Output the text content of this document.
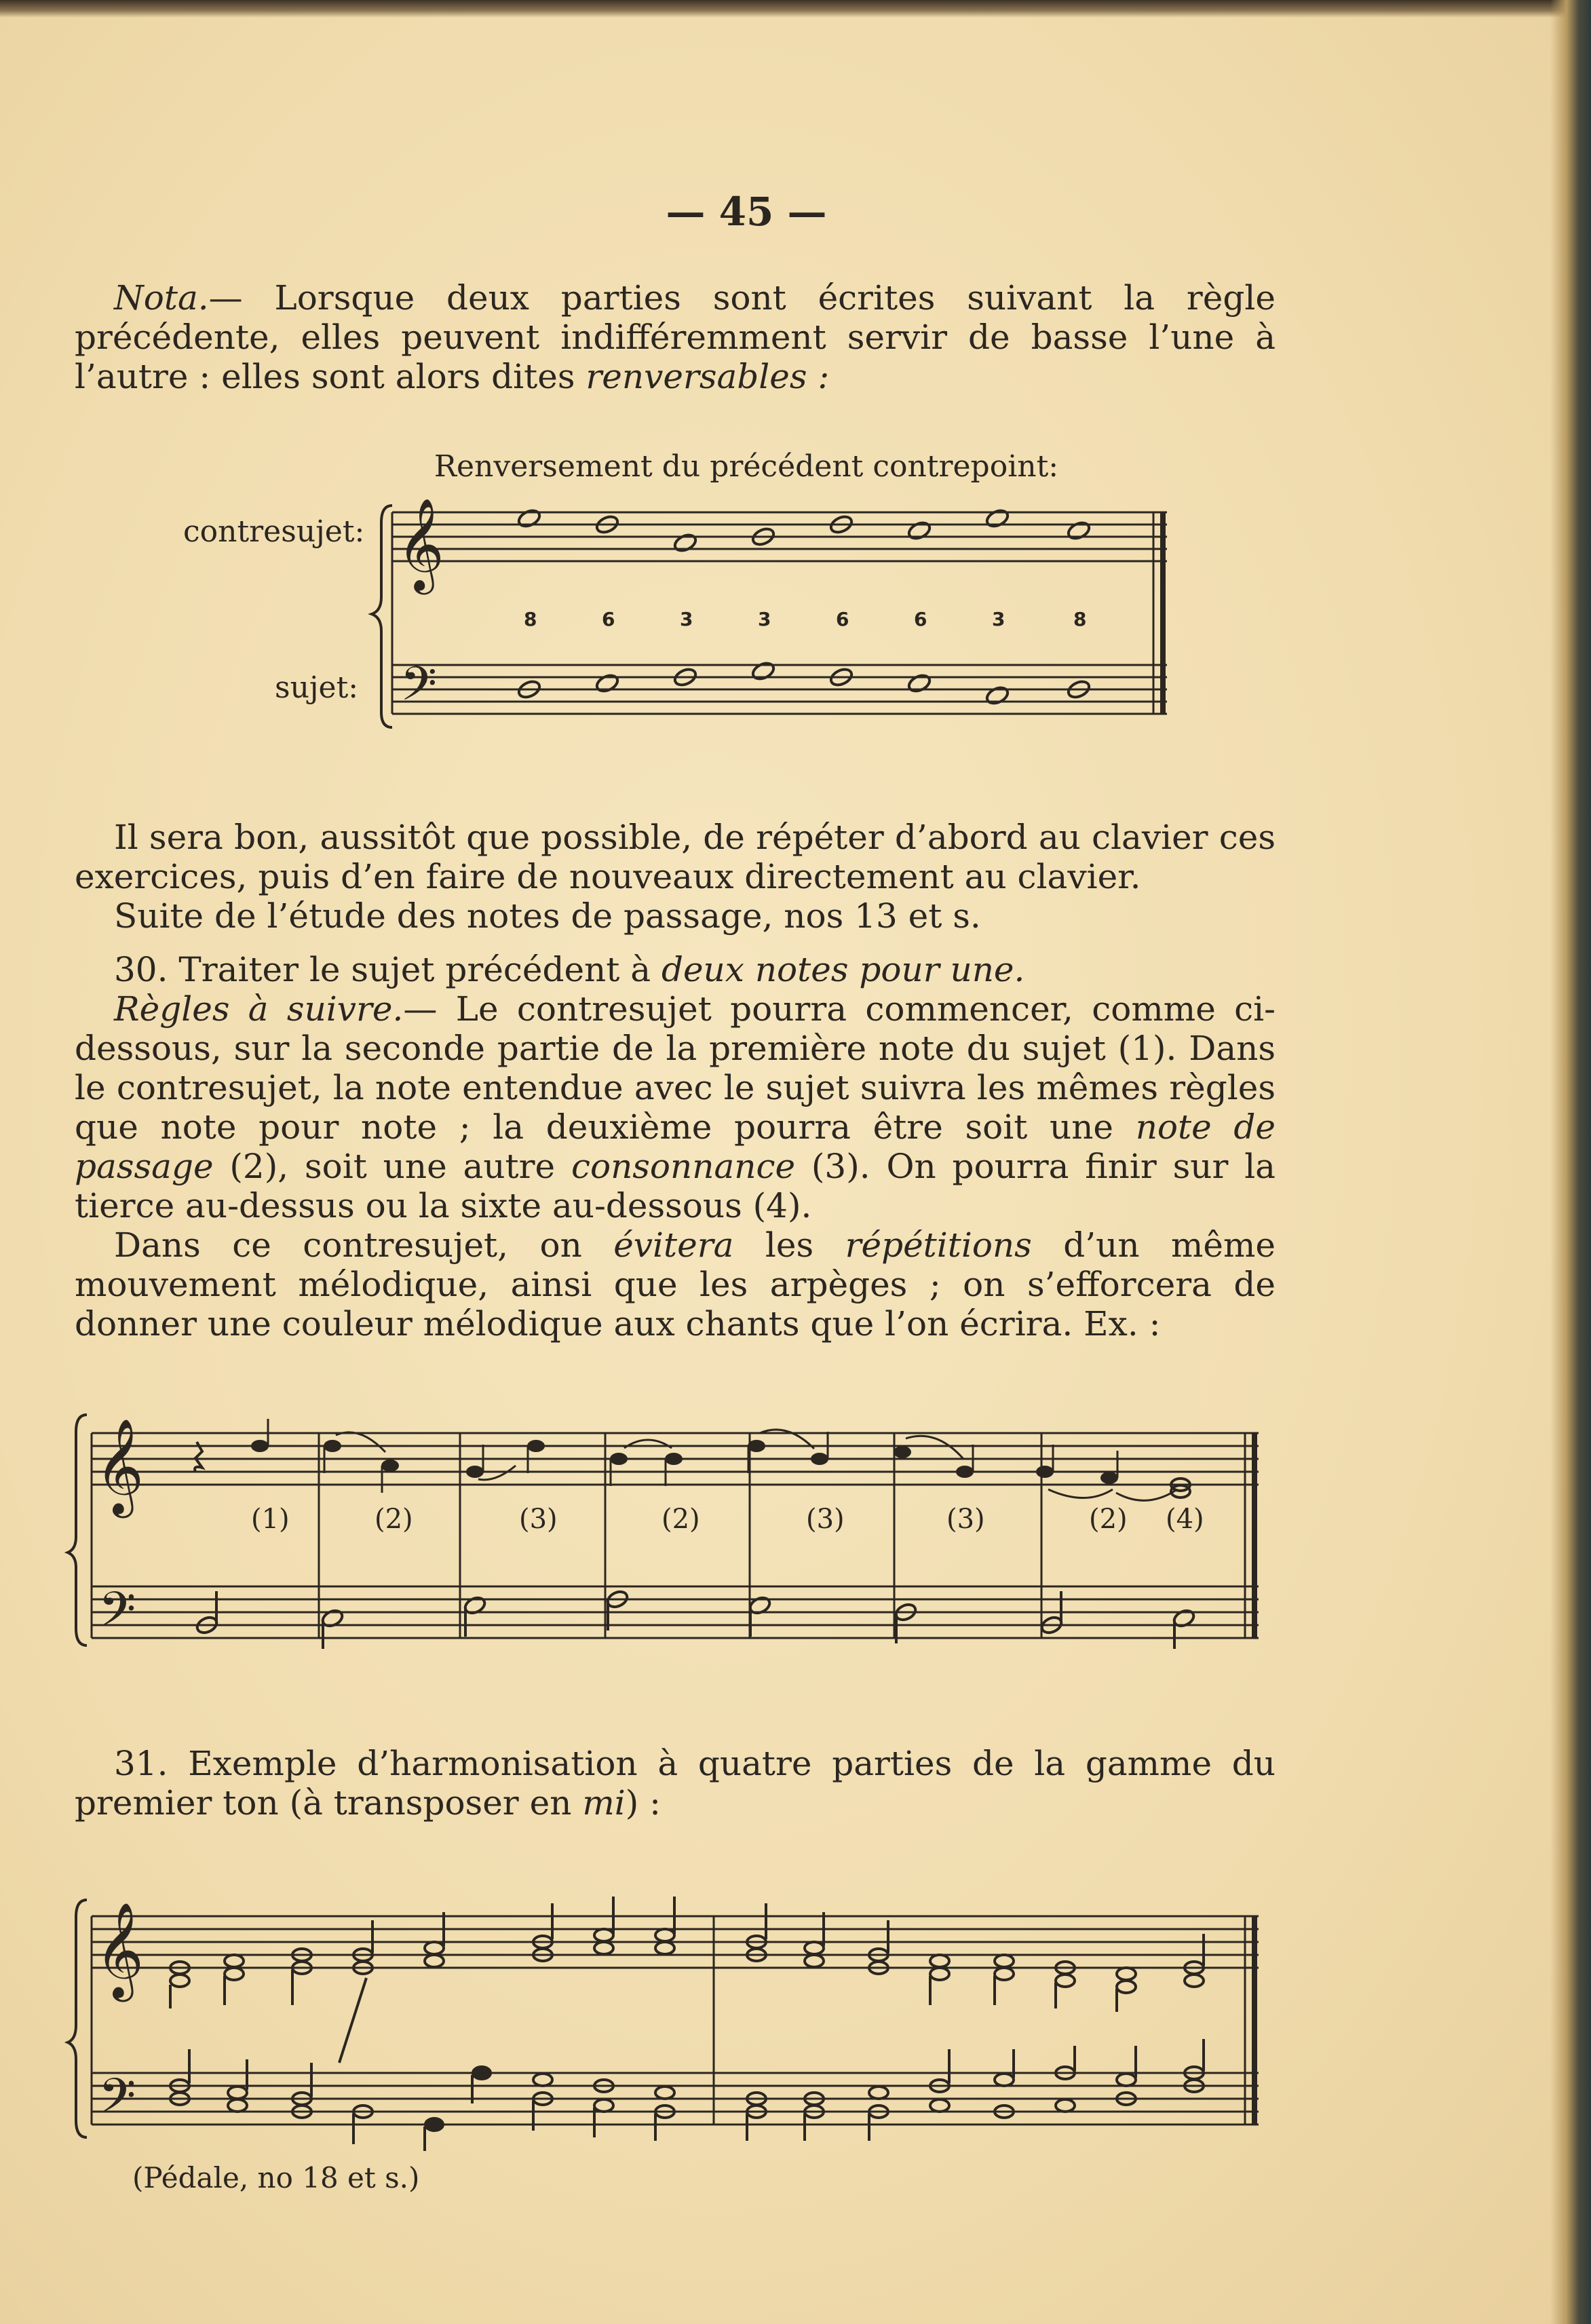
— 45 —

Nota.— Lorsque deux parties sont écrites suivant la règle précédente, elles peuvent indifféremment servir de basse l’une à l’autre : elles sont alors dites renversables :

Renversement du précédent contrepoint:
contresujet:
sujet:
𝄞
𝄢
8	6	3	3	6	6	3	8
𝄞
𝄢
(1)	(2)	(3)	(2)	(3)	(3)	(2) (4)
𝄞
𝄢

Il sera bon, aussitôt que possible, de répéter d’abord au clavier ces exercices, puis d’en faire de nouveaux directement au clavier.

Suite de l’étude des notes de passage, nos 13 et s.

30. Traiter le sujet précédent à deux notes pour une.

Règles à suivre.— Le contresujet pourra commencer, comme ci-dessous, sur la seconde partie de la première note du sujet (1). Dans le contresujet, la note entendue avec le sujet suivra les mêmes règles que note pour note ; la deuxième pourra être soit une note de passage (2), soit une autre consonnance (3). On pourra finir sur la tierce au-dessus ou la sixte au-dessous (4).

Dans ce contresujet, on évitera les répétitions d’un même mouvement mélodique, ainsi que les arpèges ; on s’efforcera de donner une couleur mélodique aux chants que l’on écrira. Ex. :

31. Exemple d’harmonisation à quatre parties de la gamme du premier ton (à transposer en mi) :

(Pédale, no 18 et s.)
